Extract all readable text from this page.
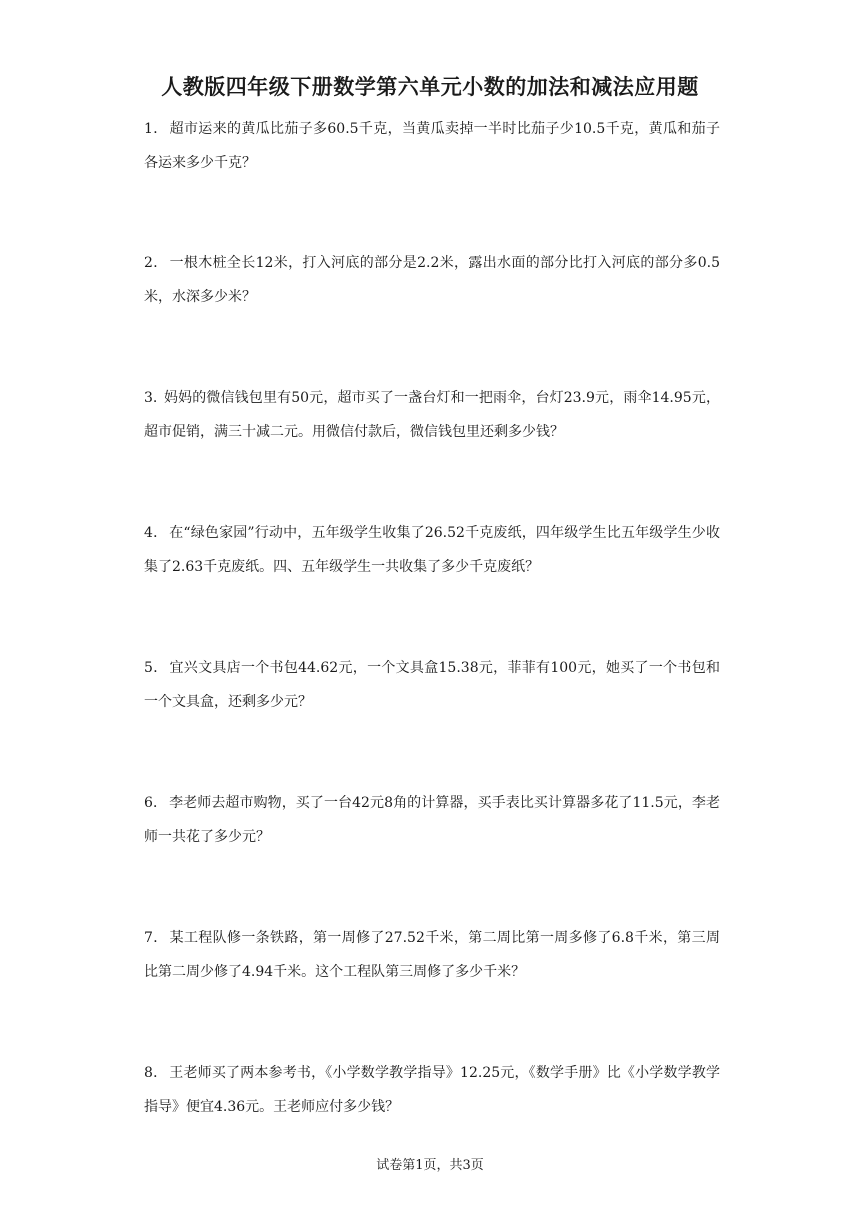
人教版四年级下册数学第六单元小数的加法和减法应用题
1． 超市运来的黄瓜比茄子多60.5千克，当黄瓜卖掉一半时比茄子少10.5千克，黄瓜和茄子各运来多少千克？
2． 一根木桩全长12米，打入河底的部分是2.2米，露出水面的部分比打入河底的部分多0.5米，水深多少米？
3. 妈妈的微信钱包里有50元，超市买了一盏台灯和一把雨伞，台灯23.9元，雨伞14.95元，超市促销，满三十减二元。用微信付款后，微信钱包里还剩多少钱？
4． 在“绿色家园”行动中，五年级学生收集了26.52千克废纸，四年级学生比五年级学生少收集了2.63千克废纸。四、五年级学生一共收集了多少千克废纸？
5． 宜兴文具店一个书包44.62元，一个文具盒15.38元，菲菲有100元，她买了一个书包和一个文具盒，还剩多少元？
6． 李老师去超市购物，买了一台42元8角的计算器，买手表比买计算器多花了11.5元，李老师一共花了多少元？
7． 某工程队修一条铁路，第一周修了27.52千米，第二周比第一周多修了6.8千米，第三周比第二周少修了4.94千米。这个工程队第三周修了多少千米？
8． 王老师买了两本参考书，《小学数学教学指导》12.25元，《数学手册》比《小学数学教学指导》便宜4.36元。王老师应付多少钱？
试卷第1页，共3页
